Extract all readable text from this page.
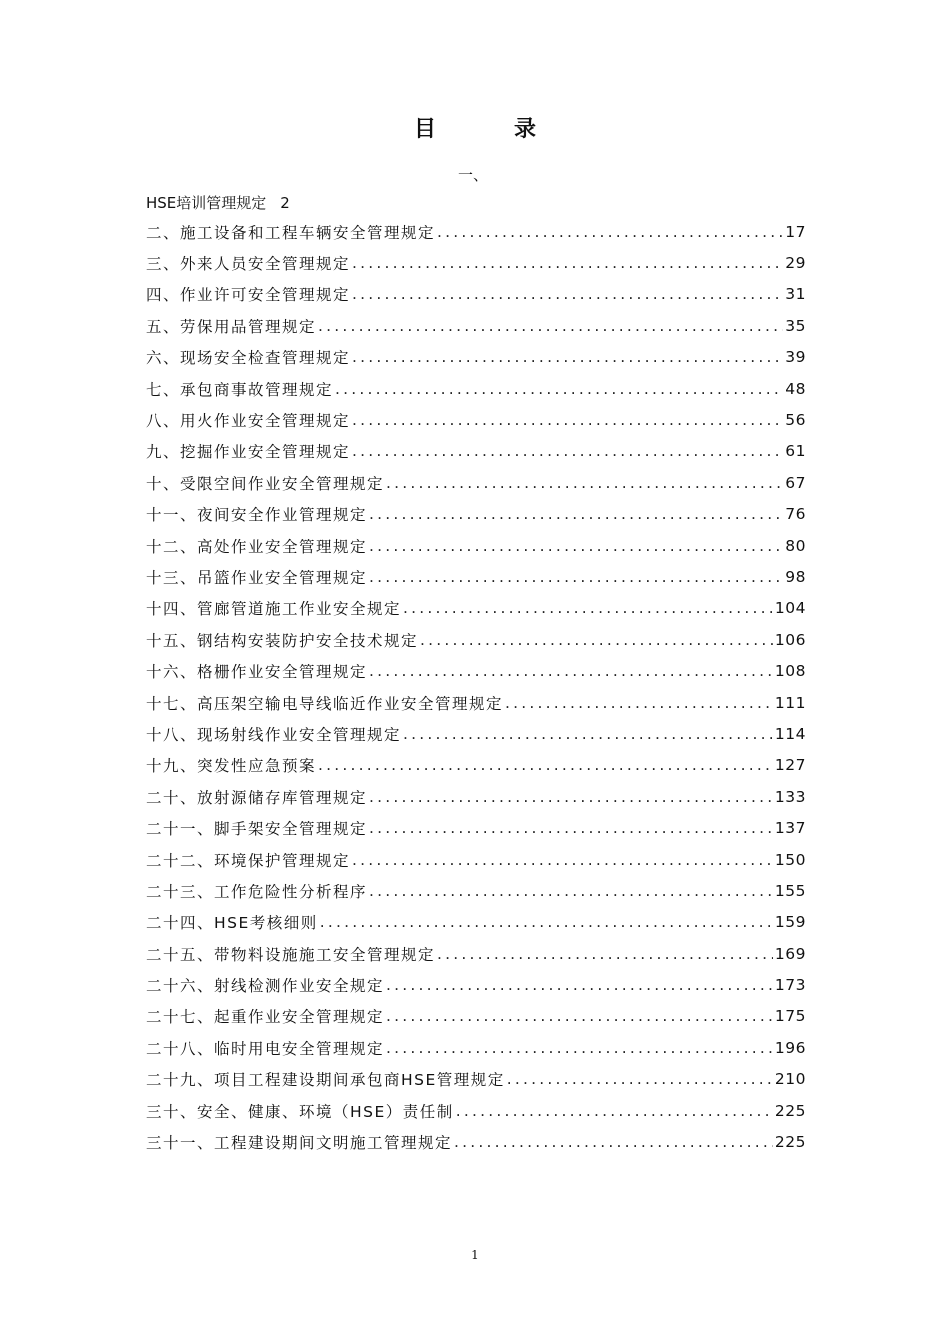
目	录
一、
HSE培训管理规定 2
二、施工设备和工程车辆安全管理规定 .....	17
三、外来人员安全管理规定 .....	29
四、作业许可安全管理规定 .....	31
五、劳保用品管理规定 .....	35
六、现场安全检查管理规定 .....	39
七、承包商事故管理规定 .....	48
八、用火作业安全管理规定 .....	56
九、挖掘作业安全管理规定 .....	61
十、受限空间作业安全管理规定 .....	67
十一、夜间安全作业管理规定 .....	76
十二、高处作业安全管理规定 .....	80
十三、吊篮作业安全管理规定 .....	98
十四、管廊管道施工作业安全规定 .....	104
十五、钢结构安装防护安全技术规定 .....	106
十六、格栅作业安全管理规定 .....	108
十七、高压架空输电导线临近作业安全管理规定 .....	111
十八、现场射线作业安全管理规定 .....	114
十九、突发性应急预案 .....	127
二十、放射源储存库管理规定 .....	133
二十一、脚手架安全管理规定 .....	137
二十二、环境保护管理规定 .....	150
二十三、工作危险性分析程序 .....	155
二十四、HSE考核细则 .....	159
二十五、带物料设施施工安全管理规定 .....	169
二十六、射线检测作业安全规定 .....	173
二十七、起重作业安全管理规定 .....	175
二十八、临时用电安全管理规定 .....	196
二十九、项目工程建设期间承包商HSE管理规定 .....	210
三十、安全、健康、环境（HSE）责任制 .....	225
三十一、工程建设期间文明施工管理规定 .....	225
1
